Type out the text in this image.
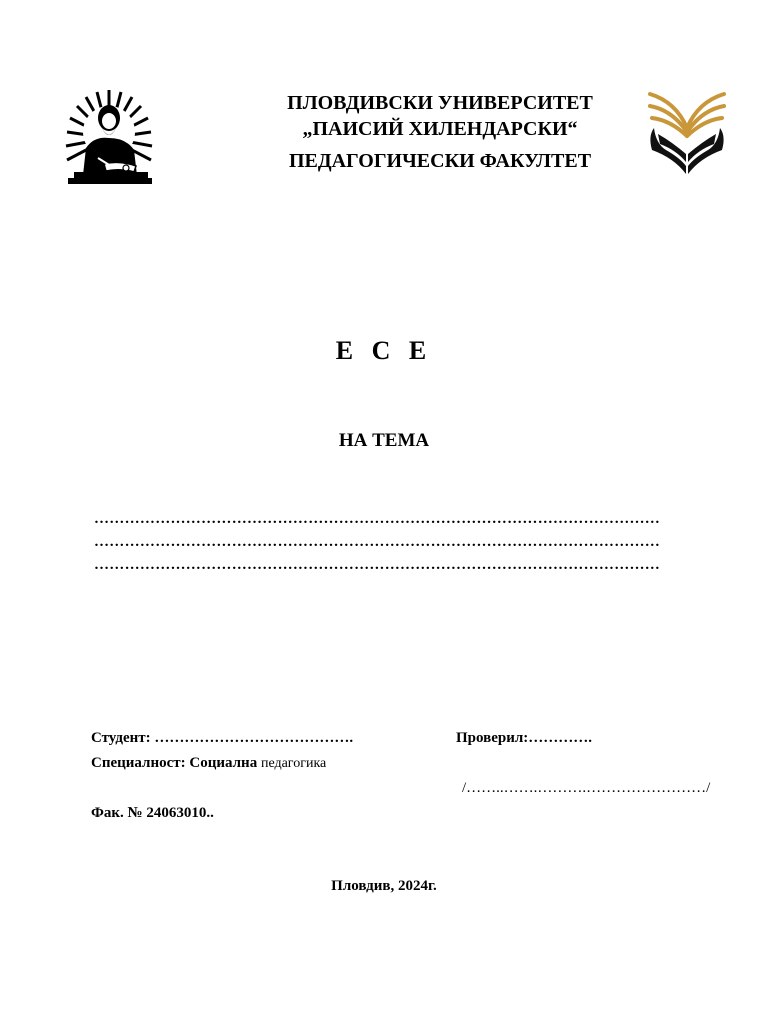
ПЛОВДИВСКИ УНИВЕРСИТЕТ
„ПАИСИЙ ХИЛЕНДАРСКИ“
ПЕДАГОГИЧЕСКИ ФАКУЛТЕТ
Е С Е
НА ТЕМА
…………………………………………………………………………………………………
…………………………………………………………………………………………………
…………………………………………………………………………………………………
Студент: ………………………………….	Проверил:………….
Специалност: Социална педагогика
/……..…….……….……………………/
Фак. № 24063010..
Пловдив, 2024г.
